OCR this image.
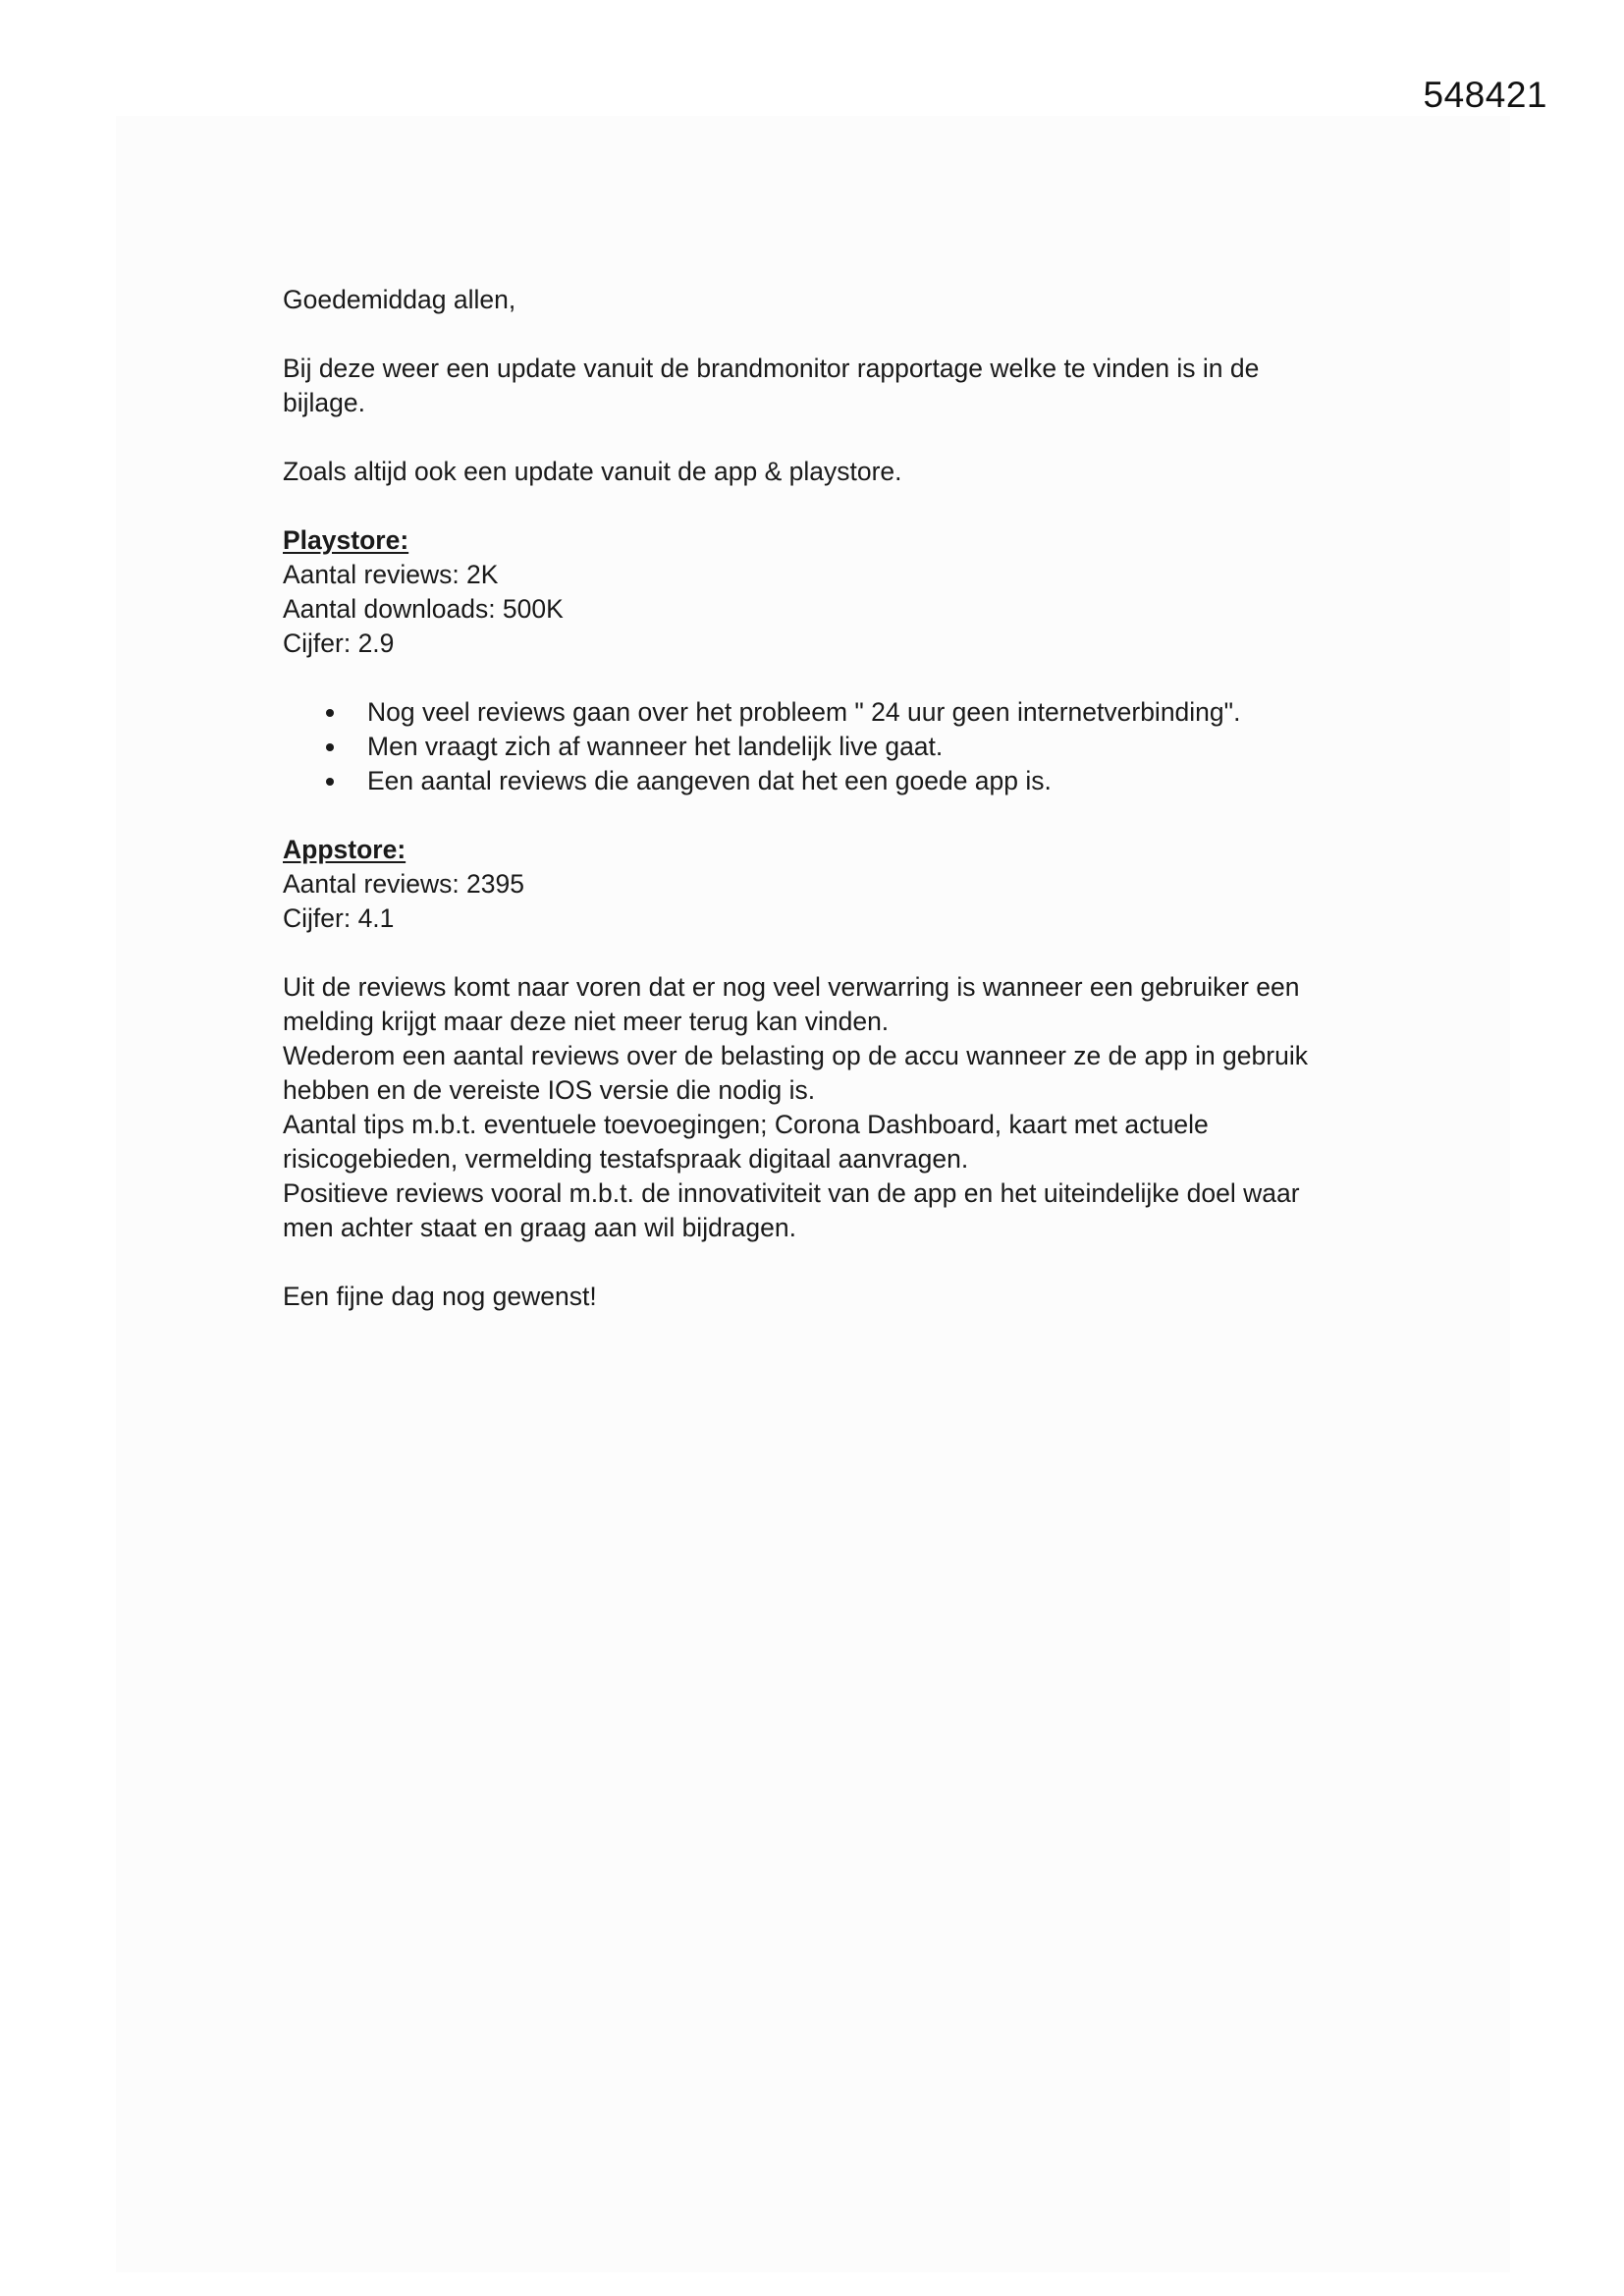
548421

Goedemiddag allen,

Bij deze weer een update vanuit de brandmonitor rapportage welke te vinden is in de

bijlage.

Zoals altijd ook een update vanuit de app & playstore.

Playstore:

Aantal reviews: 2K

Aantal downloads: 500K

Cijfer: 2.9

Nog veel reviews gaan over het probleem " 24 uur geen internetverbinding".
Men vraagt zich af wanneer het landelijk live gaat.
Een aantal reviews die aangeven dat het een goede app is.

Appstore:

Aantal reviews: 2395

Cijfer: 4.1

Uit de reviews komt naar voren dat er nog veel verwarring is wanneer een gebruiker een

melding krijgt maar deze niet meer terug kan vinden.

Wederom een aantal reviews over de belasting op de accu wanneer ze de app in gebruik

hebben en de vereiste IOS versie die nodig is.

Aantal tips m.b.t. eventuele toevoegingen; Corona Dashboard, kaart met actuele

risicogebieden, vermelding testafspraak digitaal aanvragen.

Positieve reviews vooral m.b.t. de innovativiteit van de app en het uiteindelijke doel waar

men achter staat en graag aan wil bijdragen.

Een fijne dag nog gewenst!
